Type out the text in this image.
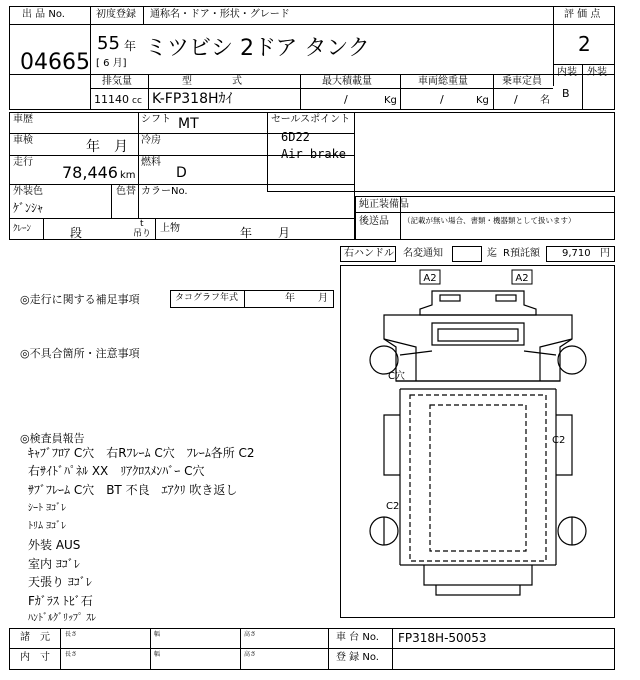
出 品 No.
04665
初度登録 通称名・ドア・形状・グレード
55 年
[ 6 月]
ミツビシ 2ドア タンク
評 価 点
2
内装 外装
B
排気量	型　　　　式	最大積載量	車両総重量	乗車定員
11140 cc K-FP318Hｶｲ	/	Kg	/	Kg / 名
車歴	シフト MT
車検	年 月 冷房
走行
78,446 km
燃料
D
外装色
ｹﾞﾝｼｬ
色替 カラーNo.
ｸﾚｰﾝ	段
t
吊り 上物	年 月
セールスポイント
6D22
Air brake
純正装備品
後送品 （記載が無い場合、書類・機器類として扱います）
右ハンドル 名変通知	迄 R預託額 9,710 円
◎走行に関する補足事項	タコグラフ年式	年 月
◎不具合箇所・注意事項
◎検査員報告
ｷｬﾌﾞﾌﾛｱ C穴　右Rﾌﾚｰﾑ C穴　ﾌﾚｰﾑ各所 C2
右ｻｲﾄﾞﾊﾟﾈﾙ XX　ﾘｱｸﾛｽﾒﾝﾊﾞｰ C穴
ｻﾌﾞﾌﾚｰﾑ C穴　BT 不良　ｴｱｸﾘ 吹き返し
ｼｰﾄ ﾖｺﾞﾚ
ﾄﾘﾑ ﾖｺﾞﾚ
外装 AUS
室内 ﾖｺﾞﾚ
天張り ﾖｺﾞﾚ
Fｶﾞﾗｽ ﾄﾋﾞ石
ﾊﾝﾄﾞﾙｸﾞﾘｯﾌﾟ ｽﾚ
A2	A2
C穴
C2
C2
諸　元
内　寸
長さ	幅	高さ
長さ	幅	高さ
車 台 No. FP318H-50053
登 録 No.
